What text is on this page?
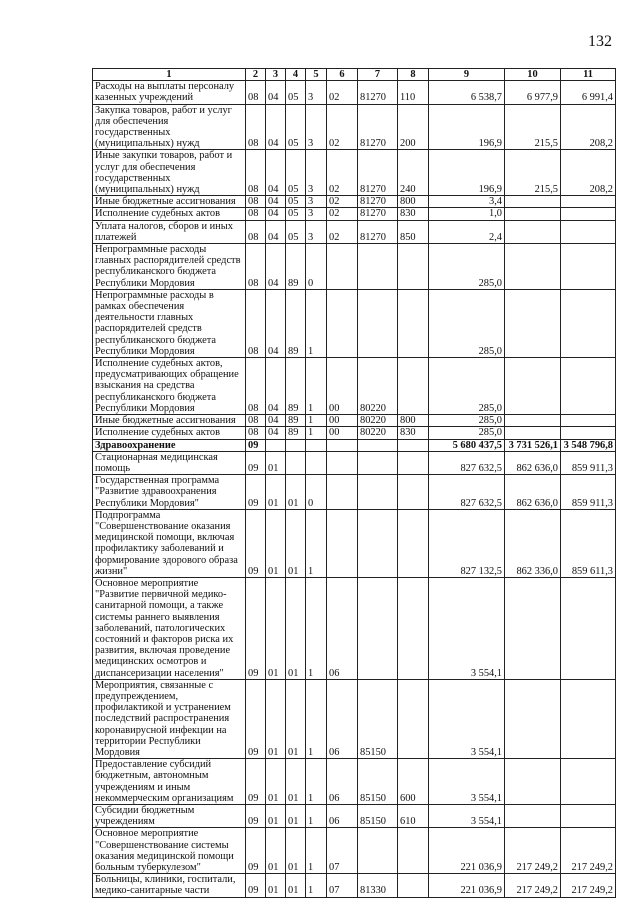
132
1	2	3	4	5	6	7	8	9	10	11
Расходы на выплаты персоналу казенных учреждений	08	04	05	3	02	81270	110	6 538,7	6 977,9	6 991,4
Закупка товаров, работ и услуг для обеспечения государственных (муниципальных) нужд	08	04	05	3	02	81270	200	196,9	215,5	208,2
Иные закупки товаров, работ и услуг для обеспечения государственных (муниципальных) нужд	08	04	05	3	02	81270	240	196,9	215,5	208,2
Иные бюджетные ассигнования	08	04	05	3	02	81270	800	3,4		
Исполнение судебных актов	08	04	05	3	02	81270	830	1,0		
Уплата налогов, сборов и иных платежей	08	04	05	3	02	81270	850	2,4		
Непрограммные расходы главных распорядителей средств республиканского бюджета Республики Мордовия	08	04	89	0				285,0		
Непрограммные расходы в рамках обеспечения деятельности главных распорядителей средств республиканского бюджета Республики Мордовия	08	04	89	1				285,0		
Исполнение судебных актов, предусматривающих обращение взыскания на средства республиканского бюджета Республики Мордовия	08	04	89	1	00	80220		285,0		
Иные бюджетные ассигнования	08	04	89	1	00	80220	800	285,0		
Исполнение судебных актов	08	04	89	1	00	80220	830	285,0		
Здравоохранение	09							5 680 437,5	3 731 526,1	3 548 796,8
Стационарная медицинская помощь	09	01						827 632,5	862 636,0	859 911,3
Государственная программа "Развитие здравоохранения Республики Мордовия"	09	01	01	0				827 632,5	862 636,0	859 911,3
Подпрограмма "Совершенствование оказания медицинской помощи, включая профилактику заболеваний и формирование здорового образа жизни"	09	01	01	1				827 132,5	862 336,0	859 611,3
Основное мероприятие "Развитие первичной медико-санитарной помощи, а также системы раннего выявления заболеваний, патологических состояний и факторов риска их развития, включая проведение медицинских осмотров и диспансеризации населения"	09	01	01	1	06			3 554,1		
Мероприятия, связанные с предупреждением, профилактикой и устранением последствий распространения коронавирусной инфекции на территории Республики Мордовия	09	01	01	1	06	85150		3 554,1		
Предоставление субсидий бюджетным, автономным учреждениям и иным некоммерческим организациям	09	01	01	1	06	85150	600	3 554,1		
Субсидии бюджетным учреждениям	09	01	01	1	06	85150	610	3 554,1		
Основное мероприятие "Совершенствование системы оказания медицинской помощи больным туберкулезом"	09	01	01	1	07			221 036,9	217 249,2	217 249,2
Больницы, клиники, госпитали, медико-санитарные части	09	01	01	1	07	81330		221 036,9	217 249,2	217 249,2
